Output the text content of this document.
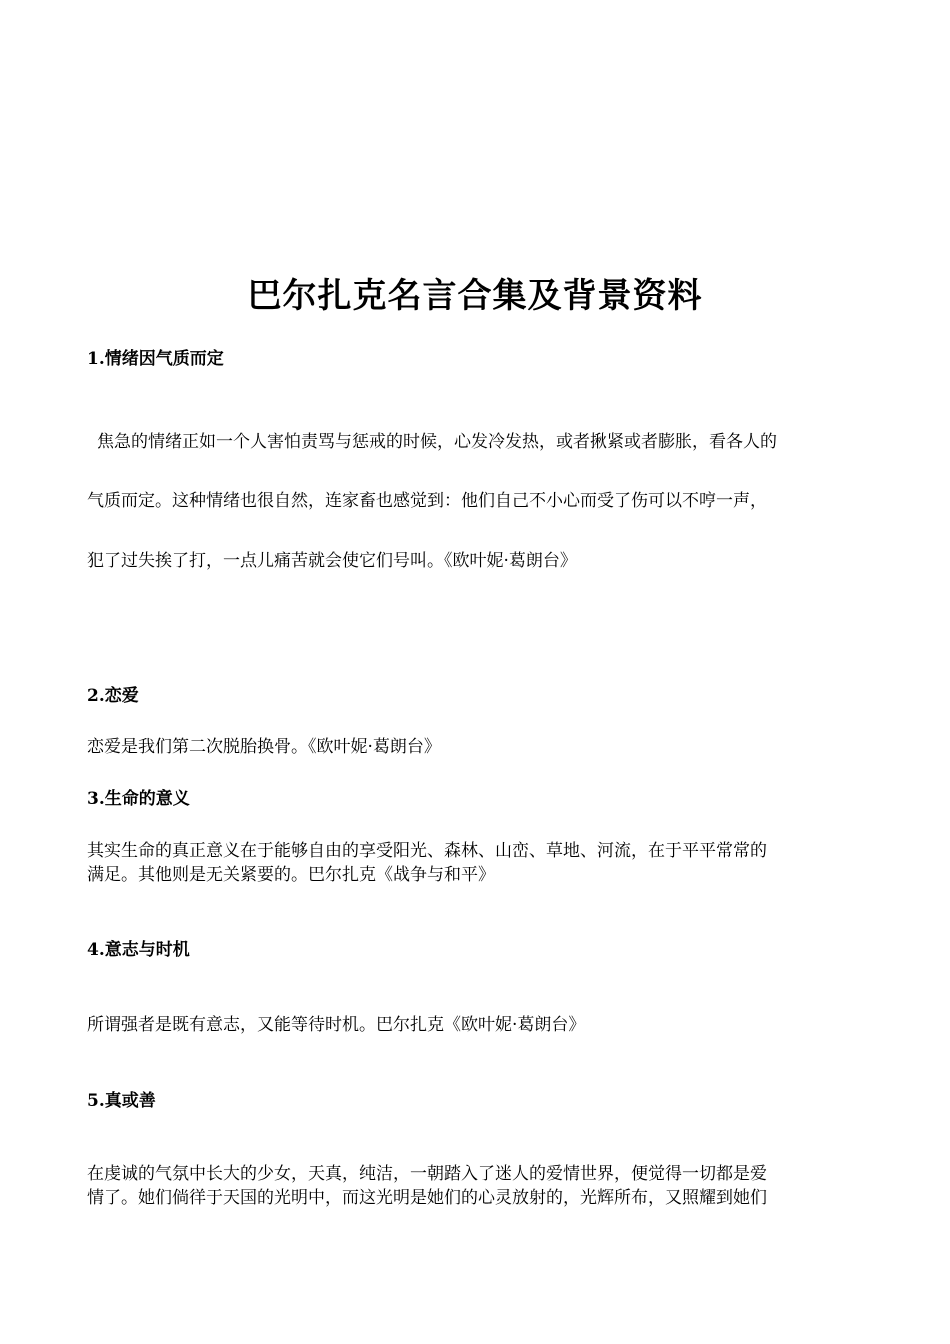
巴尔扎克名言合集及背景资料

1.情绪因气质而定

焦急的情绪正如一个人害怕责骂与惩戒的时候，心发冷发热，或者揪紧或者膨胀，看各人的

气质而定。这种情绪也很自然，连家畜也感觉到：他们自己不小心而受了伤可以不哼一声，

犯了过失挨了打，一点儿痛苦就会使它们号叫。《欧叶妮·葛朗台》

2.恋爱

恋爱是我们第二次脱胎换骨。《欧叶妮·葛朗台》

3.生命的意义

其实生命的真正意义在于能够自由的享受阳光、森林、山峦、草地、河流，在于平平常常的

满足。其他则是无关紧要的。巴尔扎克《战争与和平》

4.意志与时机

所谓强者是既有意志，又能等待时机。巴尔扎克《欧叶妮·葛朗台》

5.真或善

在虔诚的气氛中长大的少女，天真，纯洁，一朝踏入了迷人的爱情世界，便觉得一切都是爱

情了。她们倘徉于天国的光明中，而这光明是她们的心灵放射的，光辉所布，又照耀到她们
